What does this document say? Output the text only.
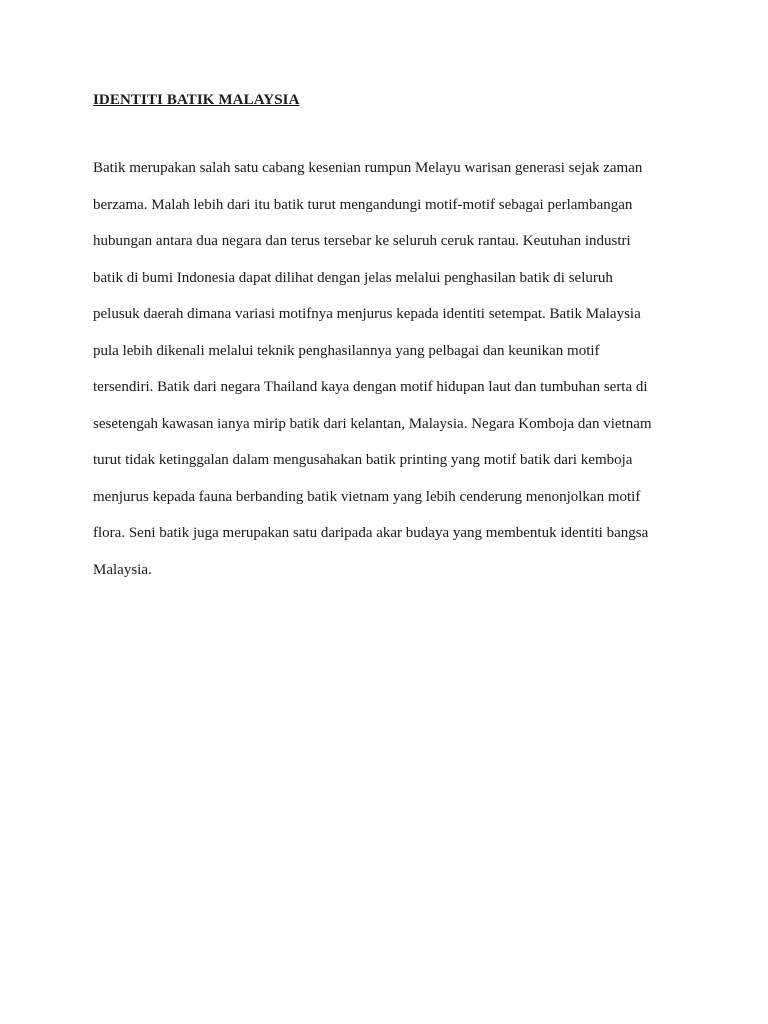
IDENTITI BATIK MALAYSIA
Batik merupakan salah satu cabang kesenian rumpun Melayu warisan generasi sejak zaman
berzama. Malah lebih dari itu batik turut mengandungi motif-motif sebagai perlambangan
hubungan antara dua negara dan terus tersebar ke seluruh ceruk rantau. Keutuhan industri
batik di bumi Indonesia dapat dilihat dengan jelas melalui penghasilan batik di seluruh
pelusuk daerah dimana variasi motifnya menjurus kepada identiti setempat. Batik Malaysia
pula lebih dikenali melalui teknik penghasilannya yang pelbagai dan keunikan motif
tersendiri. Batik dari negara Thailand kaya dengan motif hidupan laut dan tumbuhan serta di
sesetengah kawasan ianya mirip batik dari kelantan, Malaysia. Negara Komboja dan vietnam
turut tidak ketinggalan dalam mengusahakan batik printing yang motif batik dari kemboja
menjurus kepada fauna berbanding batik vietnam yang lebih cenderung menonjolkan motif
flora. Seni batik juga merupakan satu daripada akar budaya yang membentuk identiti bangsa
Malaysia.
